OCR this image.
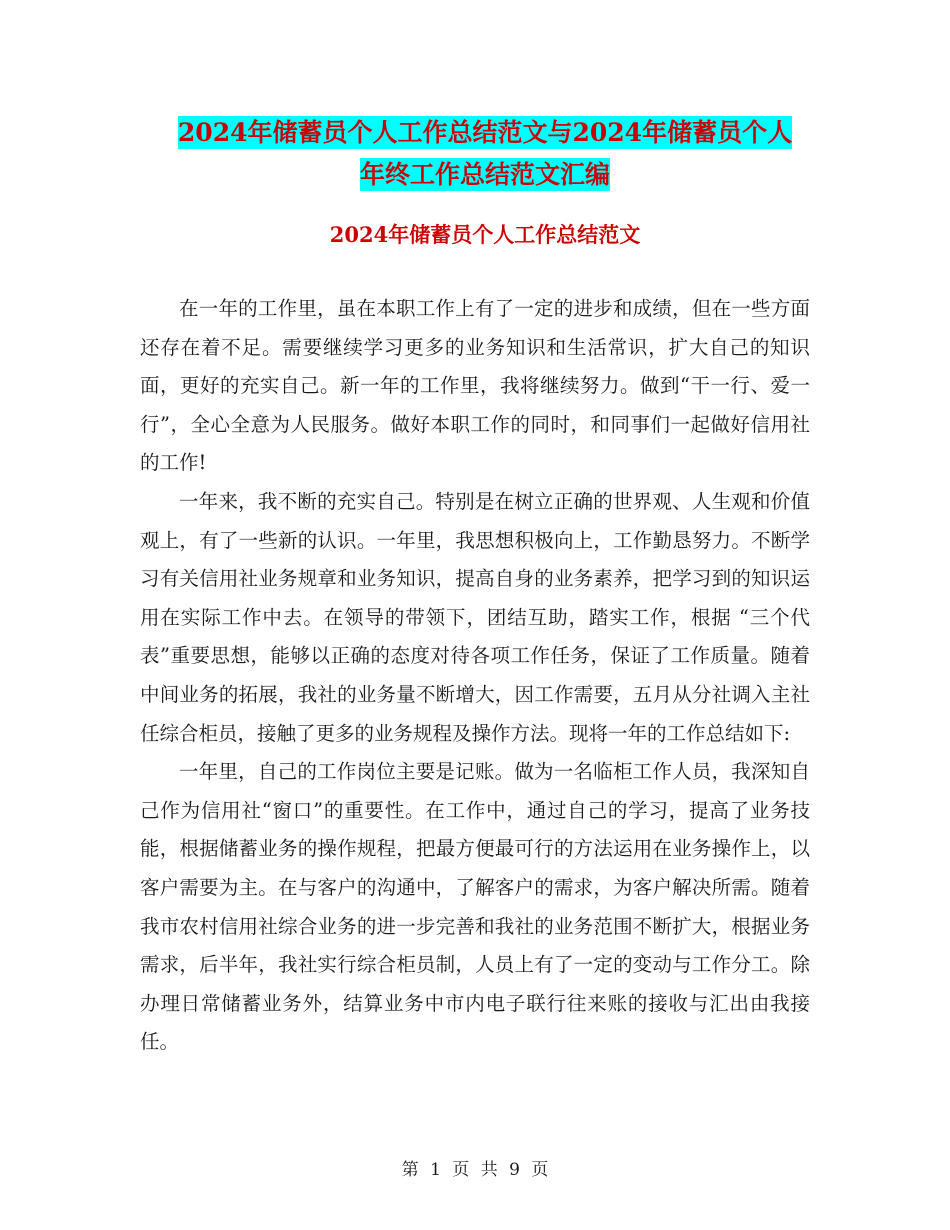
2024年储蓄员个人工作总结范文与2024年储蓄员个人
年终工作总结范文汇编
2024年储蓄员个人工作总结范文

在一年的工作里，虽在本职工作上有了一定的进步和成绩，但在一些方面还存在着不足。需要继续学习更多的业务知识和生活常识，扩大自己的知识面，更好的充实自己。新一年的工作里，我将继续努力。做到“干一行、爱一行”，全心全意为人民服务。做好本职工作的同时，和同事们一起做好信用社的工作!

一年来，我不断的充实自己。特别是在树立正确的世界观、人生观和价值观上，有了一些新的认识。一年里，我思想积极向上，工作勤恳努力。不断学习有关信用社业务规章和业务知识，提高自身的业务素养，把学习到的知识运用在实际工作中去。在领导的带领下，团结互助，踏实工作，根据 “三个代表”重要思想，能够以正确的态度对待各项工作任务，保证了工作质量。随着中间业务的拓展，我社的业务量不断增大，因工作需要，五月从分社调入主社任综合柜员，接触了更多的业务规程及操作方法。现将一年的工作总结如下:

一年里，自己的工作岗位主要是记账。做为一名临柜工作人员，我深知自己作为信用社“窗口”的重要性。在工作中，通过自己的学习，提高了业务技能，根据储蓄业务的操作规程，把最方便最可行的方法运用在业务操作上，以客户需要为主。在与客户的沟通中，了解客户的需求，为客户解决所需。随着我市农村信用社综合业务的进一步完善和我社的业务范围不断扩大，根据业务需求，后半年，我社实行综合柜员制，人员上有了一定的变动与工作分工。除办理日常储蓄业务外，结算业务中市内电子联行往来账的接收与汇出由我接任。

第 1 页 共 9 页
